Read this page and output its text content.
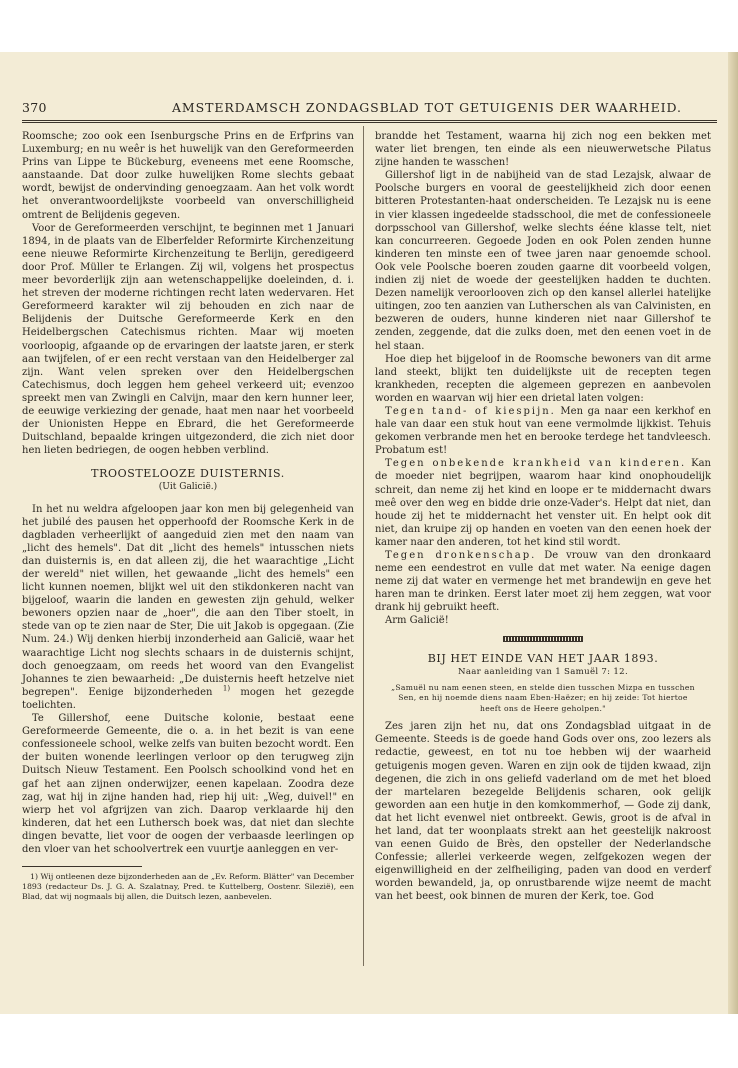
370	AMSTERDAMSCH ZONDAGSBLAD TOT GETUIGENIS DER WAARHEID.

Roomsche; zoo ook een Isenburgsche Prins en de Erfprins van Luxemburg; en nu weêr is het huwelijk van den Gereformeerden Prins van Lippe te Bückeburg, eveneens met eene Roomsche, aanstaande. Dat door zulke huwelijken Rome slechts gebaat wordt, bewijst de ondervinding genoegzaam. Aan het volk wordt het onverantwoordelijkste voorbeeld van onverschilligheid omtrent de Belijdenis gegeven.

Voor de Gereformeerden verschijnt, te beginnen met 1 Januari 1894, in de plaats van de Elberfelder Reformirte Kirchenzeitung eene nieuwe Reformirte Kirchenzeitung te Berlijn, geredigeerd door Prof. Müller te Erlangen. Zij wil, volgens het prospectus meer bevorderlijk zijn aan wetenschappelijke doeleinden, d. i. het streven der moderne richtingen recht laten wedervaren. Het Gereformeerd karakter wil zij behouden en zich naar de Belijdenis der Duitsche Gereformeerde Kerk en den Heidelbergschen Catechismus richten. Maar wij moeten voorloopig, afgaande op de ervaringen der laatste jaren, er sterk aan twijfelen, of er een recht verstaan van den Heidelberger zal zijn. Want velen spreken over den Heidelbergschen Catechismus, doch leggen hem geheel verkeerd uit; evenzoo spreekt men van Zwingli en Calvijn, maar den kern hunner leer, de eeuwige verkiezing der genade, haat men naar het voorbeeld der Unionisten Heppe en Ebrard, die het Gereformeerde Duitschland, bepaalde kringen uitgezonderd, die zich niet door hen lieten bedriegen, de oogen hebben verblind.

TROOSTELOOZE DUISTERNIS.

(Uit Galicië.)

In het nu weldra afgeloopen jaar kon men bij gelegenheid van het jubilé des pausen het opperhoofd der Roomsche Kerk in de dagbladen verheerlijkt of aangeduid zien met den naam van „licht des hemels". Dat dit „licht des hemels" intusschen niets dan duisternis is, en dat alleen zij, die het waarachtige „Licht der wereld" niet willen, het gewaande „licht des hemels" een licht kunnen noemen, blijkt wel uit den stikdonkeren nacht van bijgeloof, waarin die landen en gewesten zijn gehuld, welker bewoners opzien naar de „hoer", die aan den Tiber stoelt, in stede van op te zien naar de Ster, Die uit Jakob is opgegaan. (Zie Num. 24.) Wij denken hierbij inzonderheid aan Galicië, waar het waarachtige Licht nog slechts schaars in de duisternis schijnt, doch genoegzaam, om reeds het woord van den Evangelist Johannes te zien bewaarheid: „De duisternis heeft hetzelve niet begrepen". Eenige bijzonderheden $^{1)}$ mogen het gezegde toelichten.

Te Gillershof, eene Duitsche kolonie, bestaat eene Gereformeerde Gemeente, die o. a. in het bezit is van eene confessioneele school, welke zelfs van buiten bezocht wordt. Een der buiten wonende leerlingen verloor op den terugweg zijn Duitsch Nieuw Testament. Een Poolsch schoolkind vond het en gaf het aan zijnen onderwijzer, eenen kapelaan. Zoodra deze zag, wat hij in zijne handen had, riep hij uit: „Weg, duivel!" en wierp het vol afgrijzen van zich. Daarop verklaarde hij den kinderen, dat het een Luthersch boek was, dat niet dan slechte dingen bevatte, liet voor de oogen der verbaasde leerlingen op den vloer van het schoolvertrek een vuurtje aanleggen en ver-

1) Wij ontleenen deze bijzonderheden aan de „Ev. Reform. Blätter" van December 1893 (redacteur Ds. J. G. A. Szalatnay, Pred. te Kuttelberg, Oostenr. Silezië), een Blad, dat wij nogmaals bij allen, die Duitsch lezen, aanbevelen.

brandde het Testament, waarna hij zich nog een bekken met water liet brengen, ten einde als een nieuwerwetsche Pilatus zijne handen te wasschen!

Gillershof ligt in de nabijheid van de stad Lezajsk, alwaar de Poolsche burgers en vooral de geestelijkheid zich door eenen bitteren Protestanten-haat onderscheiden. Te Lezajsk nu is eene in vier klassen ingedeelde stadsschool, die met de confessioneele dorpsschool van Gillershof, welke slechts ééne klasse telt, niet kan concurreeren. Gegoede Joden en ook Polen zenden hunne kinderen ten minste een of twee jaren naar genoemde school. Ook vele Poolsche boeren zouden gaarne dit voorbeeld volgen, indien zij niet de woede der geestelijken hadden te duchten. Dezen namelijk veroorlooven zich op den kansel allerlei hatelijke uitingen, zoo ten aanzien van Lutherschen als van Calvinisten, en bezweren de ouders, hunne kinderen niet naar Gillershof te zenden, zeggende, dat die zulks doen, met den eenen voet in de hel staan.

Hoe diep het bijgeloof in de Roomsche bewoners van dit arme land steekt, blijkt ten duidelijkste uit de recepten tegen krankheden, recepten die algemeen geprezen en aanbevolen worden en waarvan wij hier een drietal laten volgen:

Tegen tand- of kiespijn. Men ga naar een kerkhof en hale van daar een stuk hout van eene vermolmde lijkkist. Tehuis gekomen verbrande men het en berooke terdege het tandvleesch. Probatum est!

Tegen onbekende krankheid van kinderen. Kan de moeder niet begrijpen, waarom haar kind onophoudelijk schreit, dan neme zij het kind en loope er te middernacht dwars meê over den weg en bidde drie onze-Vader's. Helpt dat niet, dan houde zij het te middernacht het venster uit. En helpt ook dit niet, dan kruipe zij op handen en voeten van den eenen hoek der kamer naar den anderen, tot het kind stil wordt.

Tegen dronkenschap. De vrouw van den dronkaard neme een eendestrot en vulle dat met water. Na eenige dagen neme zij dat water en vermenge het met brandewijn en geve het haren man te drinken. Eerst later moet zij hem zeggen, wat voor drank hij gebruikt heeft.

Arm Galicië!

BIJ HET EINDE VAN HET JAAR 1893.

Naar aanleiding van 1 Samuël 7: 12.

„Samuël nu nam eenen steen, en stelde dien tusschen Mizpa en tusschen Sen, en hij noemde diens naam Eben-Haëzer; en hij zeide: Tot hiertoe heeft ons de Heere geholpen."

Zes jaren zijn het nu, dat ons Zondagsblad uitgaat in de Gemeente. Steeds is de goede hand Gods over ons, zoo lezers als redactie, geweest, en tot nu toe hebben wij der waarheid getuigenis mogen geven. Waren en zijn ook de tijden kwaad, zijn degenen, die zich in ons geliefd vaderland om de met het bloed der martelaren bezegelde Belijdenis scharen, ook gelijk geworden aan een hutje in den komkommerhof, — Gode zij dank, dat het licht evenwel niet ontbreekt. Gewis, groot is de afval in het land, dat ter woonplaats strekt aan het geestelijk nakroost van eenen Guido de Brès, den opsteller der Nederlandsche Confessie; allerlei verkeerde wegen, zelfgekozen wegen der eigenwilligheid en der zelfheiliging, paden van dood en verderf worden bewandeld, ja, op onrustbarende wijze neemt de macht van het beest, ook binnen de muren der Kerk, toe. God
